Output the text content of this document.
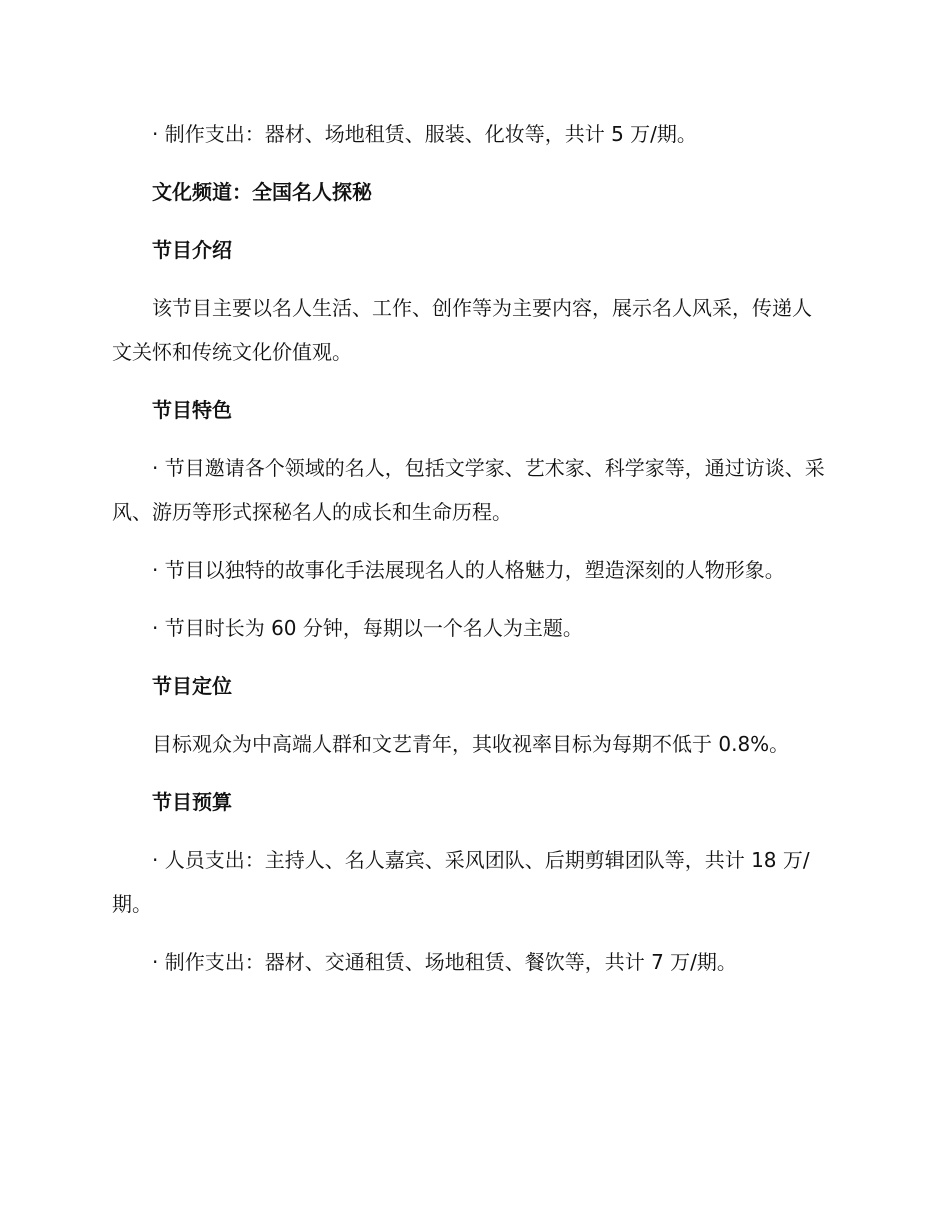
· 制作支出：器材、场地租赁、服装、化妆等，共计 5 万/期。

文化频道：全国名人探秘

节目介绍

该节目主要以名人生活、工作、创作等为主要内容，展示名人风采，传递人文关怀和传统文化价值观。

节目特色

· 节目邀请各个领域的名人，包括文学家、艺术家、科学家等，通过访谈、采风、游历等形式探秘名人的成长和生命历程。

· 节目以独特的故事化手法展现名人的人格魅力，塑造深刻的人物形象。

· 节目时长为 60 分钟，每期以一个名人为主题。

节目定位

目标观众为中高端人群和文艺青年，其收视率目标为每期不低于 0.8%。

节目预算

· 人员支出：主持人、名人嘉宾、采风团队、后期剪辑团队等，共计 18 万/期。

· 制作支出：器材、交通租赁、场地租赁、餐饮等，共计 7 万/期。
